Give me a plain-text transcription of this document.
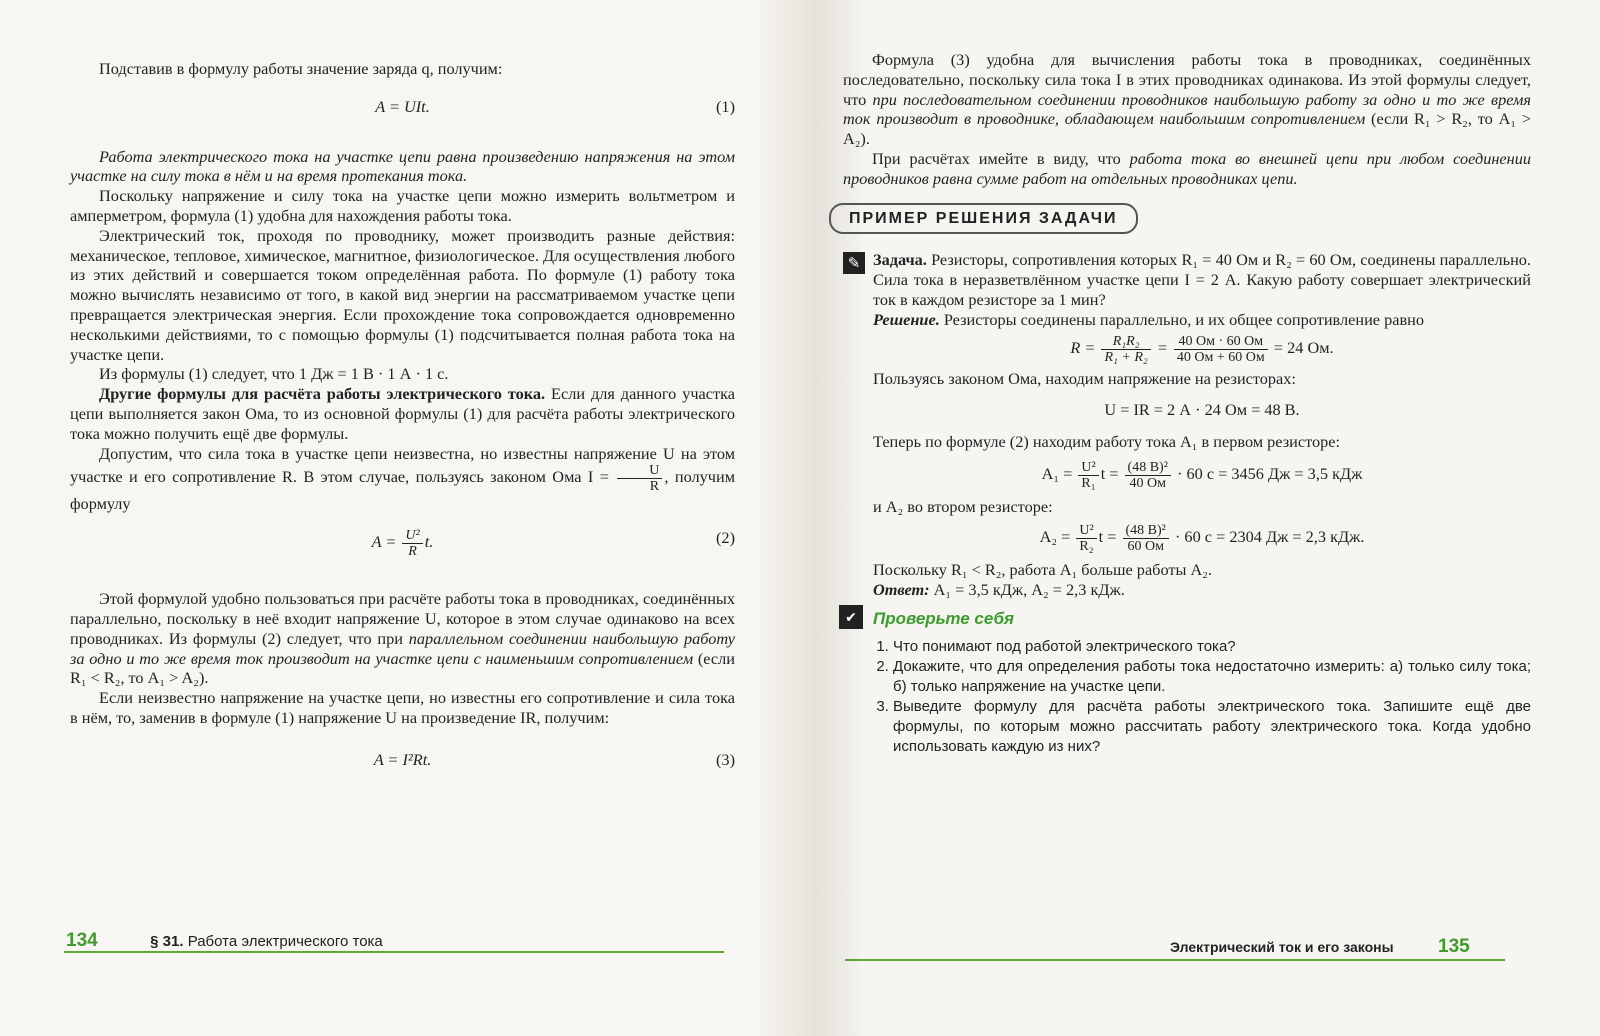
Подставив в формулу работы значение заряда q, получим:

A = UIt.	(1)

Работа электрического тока на участке цепи равна произведению напряжения на этом участке на силу тока в нём и на время протекания тока.

Поскольку напряжение и силу тока на участке цепи можно измерить вольтметром и амперметром, формула (1) удобна для нахождения работы тока.

Электрический ток, проходя по проводнику, может производить разные действия: механическое, тепловое, химическое, магнитное, физиологическое. Для осуществления любого из этих действий и совершается током определённая работа. По формуле (1) работу тока можно вычислять независимо от того, в какой вид энергии на рассматриваемом участке цепи превращается электрическая энергия. Если прохождение тока сопровождается одновременно несколькими действиями, то с помощью формулы (1) подсчитывается полная работа тока на участке цепи.

Из формулы (1) следует, что 1 Дж = 1 В · 1 А · 1 с.

Другие формулы для расчёта работы электрического тока. Если для данного участка цепи выполняется закон Ома, то из основной формулы (1) для расчёта работы электрического тока можно получить ещё две формулы.

Допустим, что сила тока в участке цепи неизвестна, но известны напряжение U на этом участке и его сопротивление R. В этом случае, пользуясь законом Ома $I = \frac{U}{R}$ , получим формулу

$A = \frac{\text{U²}}{R} t$.	(2)

Этой формулой удобно пользоваться при расчёте работы тока в проводниках, соединённых параллельно, поскольку в неё входит напряжение U, которое в этом случае одинаково на всех проводниках. Из формулы (2) следует, что при параллельном соединении наибольшую работу за одно и то же время ток производит на участке цепи с наименьшим сопротивлением (если R₁ < R₂, то A₁ > A₂).

Если неизвестно напряжение на участке цепи, но известны его сопротивление и сила тока в нём, то, заменив в формуле (1) напряжение U на произведение IR, получим:

A = I²Rt.	(3)
134	§ 31. Работа электрического тока

Формула (3) удобна для вычисления работы тока в проводниках, соединённых последовательно, поскольку сила тока I в этих проводниках одинакова. Из этой формулы следует, что при последовательном соединении проводников наибольшую работу за одно и то же время ток производит в проводнике, обладающем наибольшим сопротивлением (если R₁ > R₂, то A₁ > A₂).

При расчётах имейте в виду, что работа тока во внешней цепи при любом соединении проводников равна сумме работ на отдельных проводниках цепи.

ПРИМЕР РЕШЕНИЯ ЗАДАЧИ
✎ Задача. Резисторы, сопротивления которых R₁ = 40 Ом и R₂ = 60 Ом, соединены параллельно. Сила тока в неразветвлённом участке цепи I = 2 А. Какую работу совершает электрический ток в каждом резисторе за 1 мин?

Решение. Резисторы соединены параллельно, и их общее сопротивление равно

$R = \frac{\text{R₁R₂}}{\text{R₁ + R₂}} = \frac{40 Ом \cdot 60 Ом}{40 Ом + 60 Ом} = 24$ Ом.

Пользуясь законом Ома, находим напряжение на резисторах:

U = IR = 2 А · 24 Ом = 48 В.

Теперь по формуле (2) находим работу тока A₁ в первом резисторе:

$A_1 = \frac{\text{U²}}{\text{R₁}}$ $t = \frac{\text{(48 В)²}}{40 Ом} \cdot 60$ с = 3456 Дж = 3,5 кДж

и A₂ во втором резисторе:

$A_2 = \frac{\text{U²}}{\text{R₂}}$ $t = \frac{\text{(48 В)²}}{60 Ом} \cdot 60$ с = 2304 Дж = 2,3 кДж.

Поскольку R₁ < R₂, работа A₁ больше работы A₂.

Ответ: A₁ = 3,5 кДж, A₂ = 2,3 кДж.

✔ Проверьте себя
1. Что понимают под работой электрического тока?
2. Докажите, что для определения работы тока недостаточно измерить: а) только силу тока; б) только напряжение на участке цепи.
3. Выведите формулу для расчёта работы электрического тока. Запишите ещё две формулы, по которым можно рассчитать работу электрического тока. Когда удобно использовать каждую из них?
Электрический ток и его законы 135
